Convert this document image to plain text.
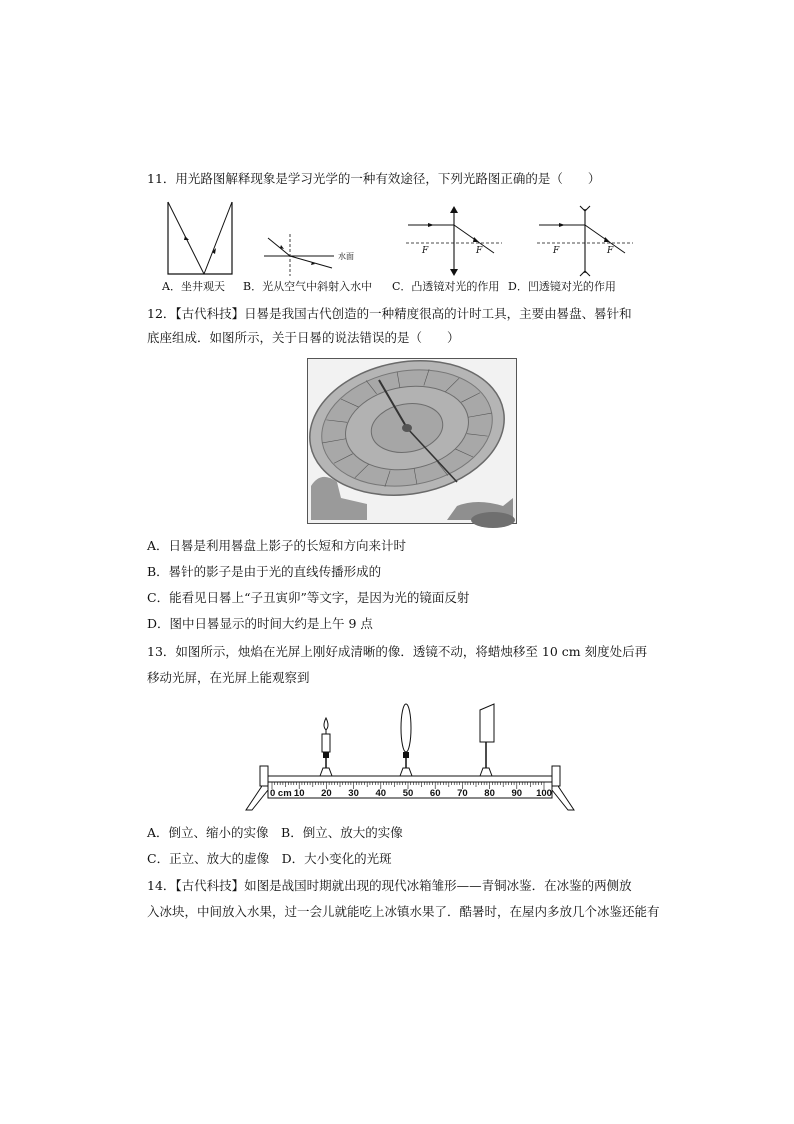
11．用光路图解释现象是学习光学的一种有效途径，下列光路图正确的是（　　）
水面
F	F	F	F
A．坐井观天 B．光从空气中斜射入水中 C．凸透镜对光的作用 D．凹透镜对光的作用
12．【古代科技】日晷是我国古代创造的一种精度很高的计时工具，主要由晷盘、晷针和
底座组成．如图所示，关于日晷的说法错误的是（　　）
A．日晷是利用晷盘上影子的长短和方向来计时
B．晷针的影子是由于光的直线传播形成的
C．能看见日晷上“子丑寅卯”等文字，是因为光的镜面反射
D．图中日晷显示的时间大约是上午 9 点
13．如图所示，烛焰在光屏上刚好成清晰的像．透镜不动，将蜡烛移至 10 cm 刻度处后再
移动光屏，在光屏上能观察到
0 cm 10 20 30 40 50 60 70 80 90 100
A．倒立、缩小的实像　B．倒立、放大的实像
C．正立、放大的虚像　D．大小变化的光斑
14．【古代科技】如图是战国时期就出现的现代冰箱雏形——青铜冰鉴．在冰鉴的两侧放
入冰块，中间放入水果，过一会儿就能吃上冰镇水果了．酷暑时，在屋内多放几个冰鉴还能有
